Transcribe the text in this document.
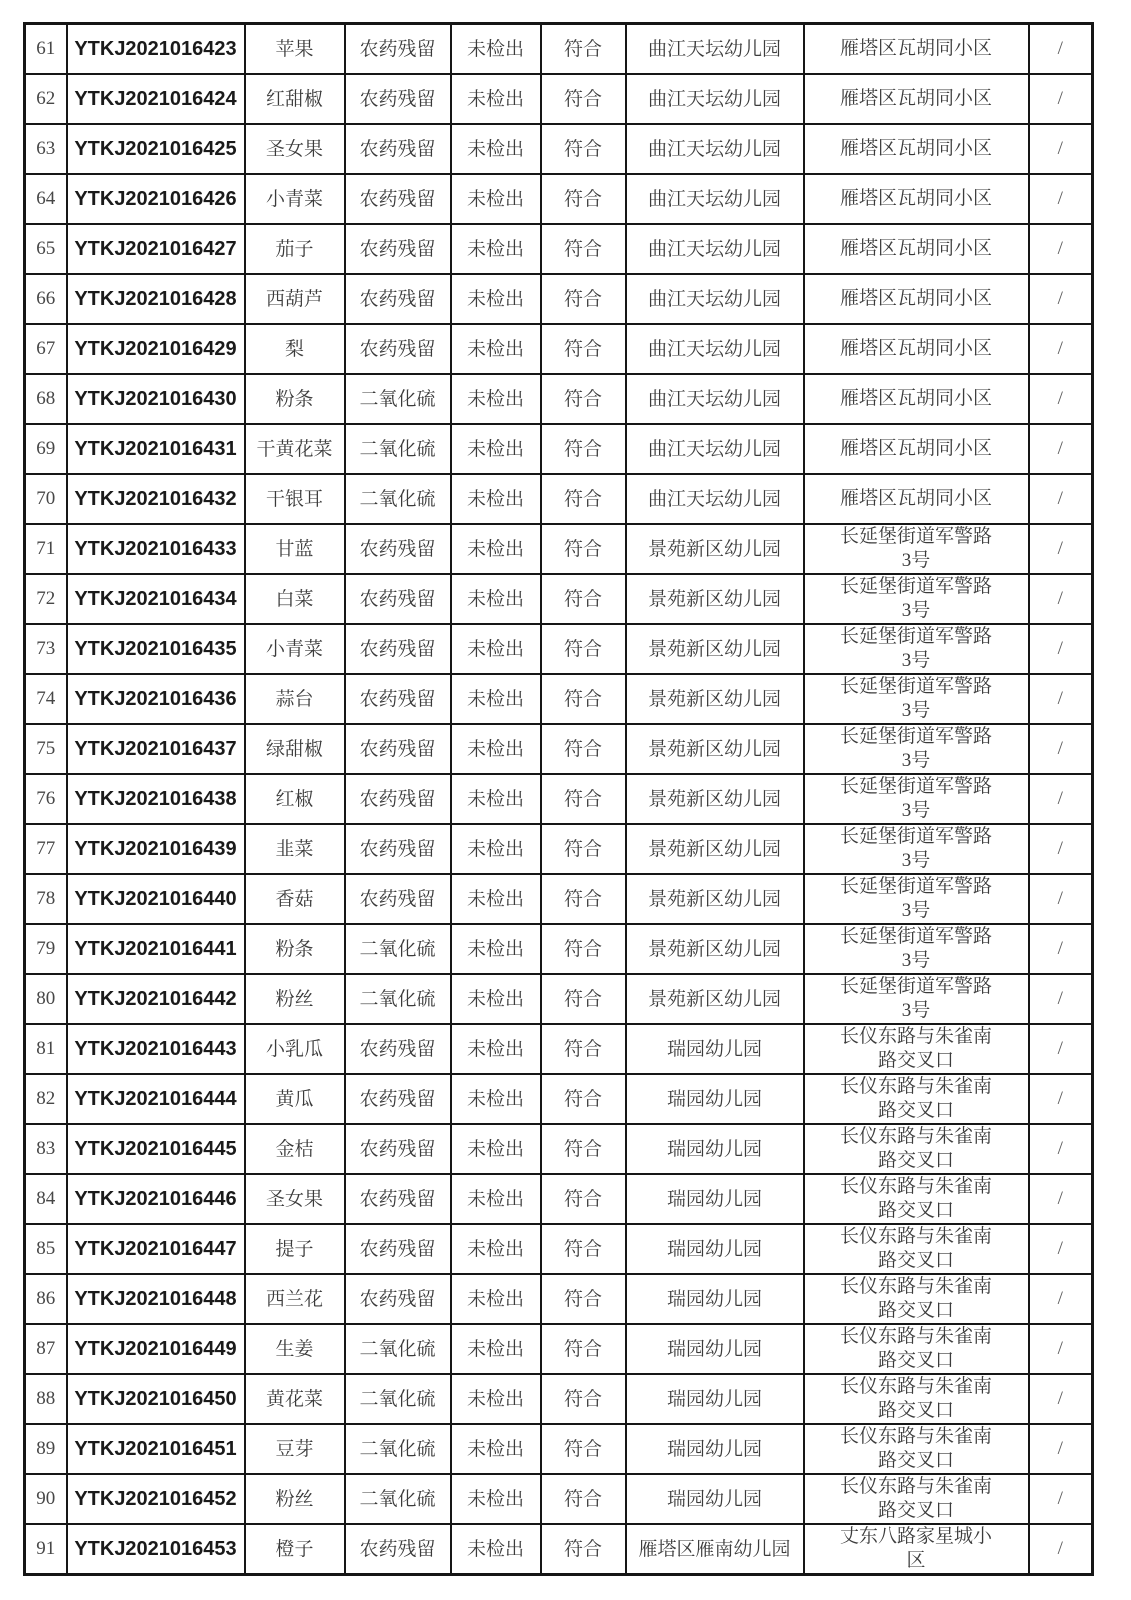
61	YTKJ2021016423	苹果	农药残留	未检出	符合	曲江天坛幼儿园	雁塔区瓦胡同小区	/
62	YTKJ2021016424	红甜椒	农药残留	未检出	符合	曲江天坛幼儿园	雁塔区瓦胡同小区	/
63	YTKJ2021016425	圣女果	农药残留	未检出	符合	曲江天坛幼儿园	雁塔区瓦胡同小区	/
64	YTKJ2021016426	小青菜	农药残留	未检出	符合	曲江天坛幼儿园	雁塔区瓦胡同小区	/
65	YTKJ2021016427	茄子	农药残留	未检出	符合	曲江天坛幼儿园	雁塔区瓦胡同小区	/
66	YTKJ2021016428	西葫芦	农药残留	未检出	符合	曲江天坛幼儿园	雁塔区瓦胡同小区	/
67	YTKJ2021016429	梨	农药残留	未检出	符合	曲江天坛幼儿园	雁塔区瓦胡同小区	/
68	YTKJ2021016430	粉条	二氧化硫	未检出	符合	曲江天坛幼儿园	雁塔区瓦胡同小区	/
69	YTKJ2021016431	干黄花菜	二氧化硫	未检出	符合	曲江天坛幼儿园	雁塔区瓦胡同小区	/
70	YTKJ2021016432	干银耳	二氧化硫	未检出	符合	曲江天坛幼儿园	雁塔区瓦胡同小区	/
71	YTKJ2021016433	甘蓝	农药残留	未检出	符合	景苑新区幼儿园	长延堡街道军警路3号	/
72	YTKJ2021016434	白菜	农药残留	未检出	符合	景苑新区幼儿园	长延堡街道军警路3号	/
73	YTKJ2021016435	小青菜	农药残留	未检出	符合	景苑新区幼儿园	长延堡街道军警路3号	/
74	YTKJ2021016436	蒜台	农药残留	未检出	符合	景苑新区幼儿园	长延堡街道军警路3号	/
75	YTKJ2021016437	绿甜椒	农药残留	未检出	符合	景苑新区幼儿园	长延堡街道军警路3号	/
76	YTKJ2021016438	红椒	农药残留	未检出	符合	景苑新区幼儿园	长延堡街道军警路3号	/
77	YTKJ2021016439	韭菜	农药残留	未检出	符合	景苑新区幼儿园	长延堡街道军警路3号	/
78	YTKJ2021016440	香菇	农药残留	未检出	符合	景苑新区幼儿园	长延堡街道军警路3号	/
79	YTKJ2021016441	粉条	二氧化硫	未检出	符合	景苑新区幼儿园	长延堡街道军警路3号	/
80	YTKJ2021016442	粉丝	二氧化硫	未检出	符合	景苑新区幼儿园	长延堡街道军警路3号	/
81	YTKJ2021016443	小乳瓜	农药残留	未检出	符合	瑞园幼儿园	长仪东路与朱雀南路交叉口	/
82	YTKJ2021016444	黄瓜	农药残留	未检出	符合	瑞园幼儿园	长仪东路与朱雀南路交叉口	/
83	YTKJ2021016445	金桔	农药残留	未检出	符合	瑞园幼儿园	长仪东路与朱雀南路交叉口	/
84	YTKJ2021016446	圣女果	农药残留	未检出	符合	瑞园幼儿园	长仪东路与朱雀南路交叉口	/
85	YTKJ2021016447	提子	农药残留	未检出	符合	瑞园幼儿园	长仪东路与朱雀南路交叉口	/
86	YTKJ2021016448	西兰花	农药残留	未检出	符合	瑞园幼儿园	长仪东路与朱雀南路交叉口	/
87	YTKJ2021016449	生姜	二氧化硫	未检出	符合	瑞园幼儿园	长仪东路与朱雀南路交叉口	/
88	YTKJ2021016450	黄花菜	二氧化硫	未检出	符合	瑞园幼儿园	长仪东路与朱雀南路交叉口	/
89	YTKJ2021016451	豆芽	二氧化硫	未检出	符合	瑞园幼儿园	长仪东路与朱雀南路交叉口	/
90	YTKJ2021016452	粉丝	二氧化硫	未检出	符合	瑞园幼儿园	长仪东路与朱雀南路交叉口	/
91	YTKJ2021016453	橙子	农药残留	未检出	符合	雁塔区雁南幼儿园	丈东八路家星城小区	/
